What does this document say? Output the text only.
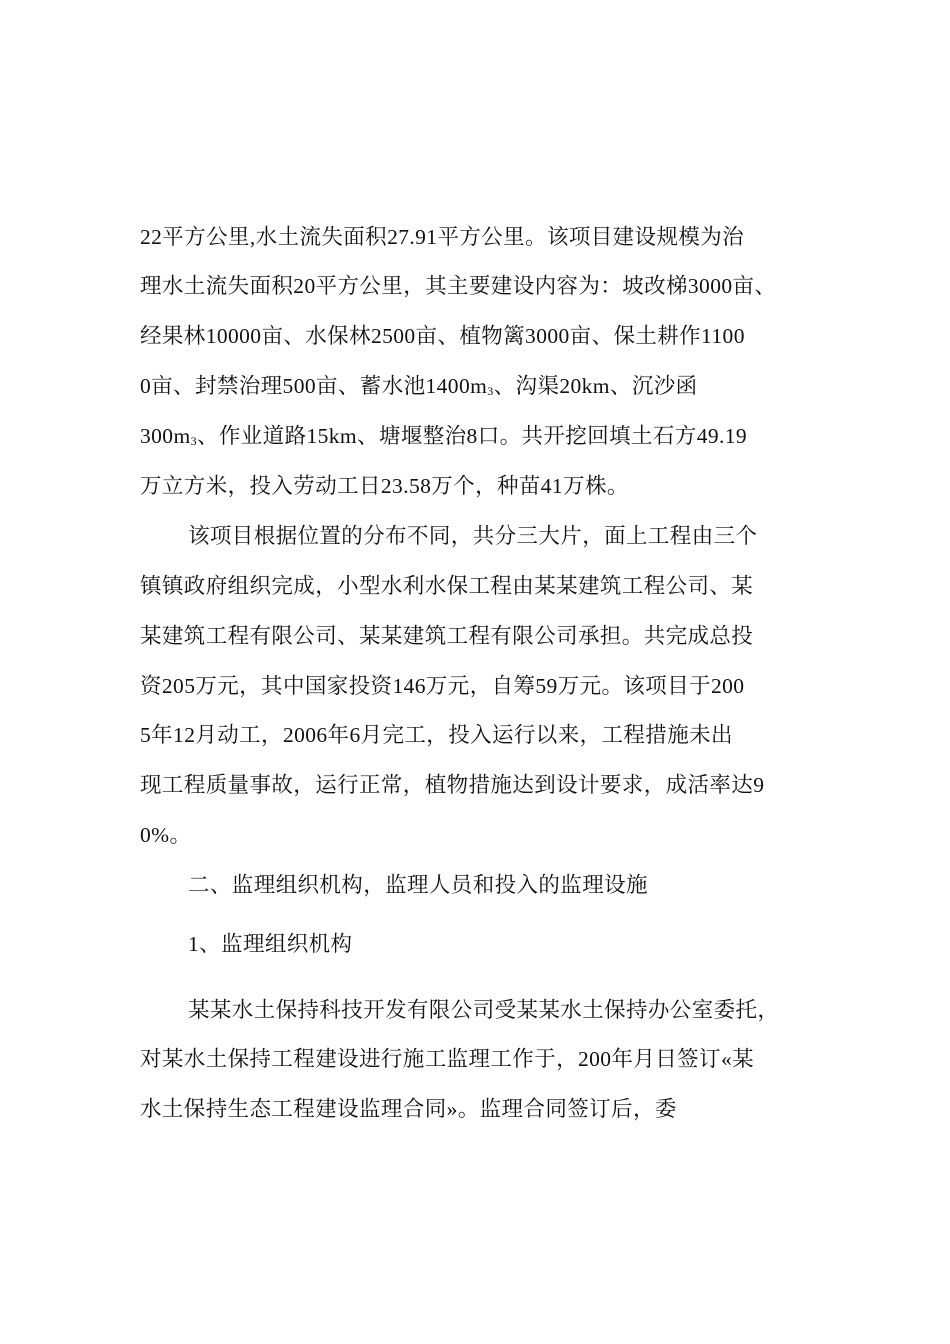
22平方公里,水土流失面积27.91平方公里。该项目建设规模为治
理水土流失面积20平方公里，其主要建设内容为：坡改梯3000亩、
经果林10000亩、水保林2500亩、植物篱3000亩、保土耕作1100
0亩、封禁治理500亩、蓄水池1400m3、沟渠20km、沉沙函
300m3、作业道路15km、塘堰整治8口。共开挖回填土石方49.19
万立方米，投入劳动工日23.58万个，种苗41万株。
该项目根据位置的分布不同，共分三大片，面上工程由三个
镇镇政府组织完成，小型水利水保工程由某某建筑工程公司、某
某建筑工程有限公司、某某建筑工程有限公司承担。共完成总投
资205万元，其中国家投资146万元，自筹59万元。该项目于200
5年12月动工，2006年6月完工，投入运行以来，工程措施未出
现工程质量事故，运行正常，植物措施达到设计要求，成活率达9
0%。
二、监理组织机构，监理人员和投入的监理设施
1、监理组织机构
某某水土保持科技开发有限公司受某某水土保持办公室委托，
对某水土保持工程建设进行施工监理工作于，200年月日签订«某
水土保持生态工程建设监理合同»。监理合同签订后，委
